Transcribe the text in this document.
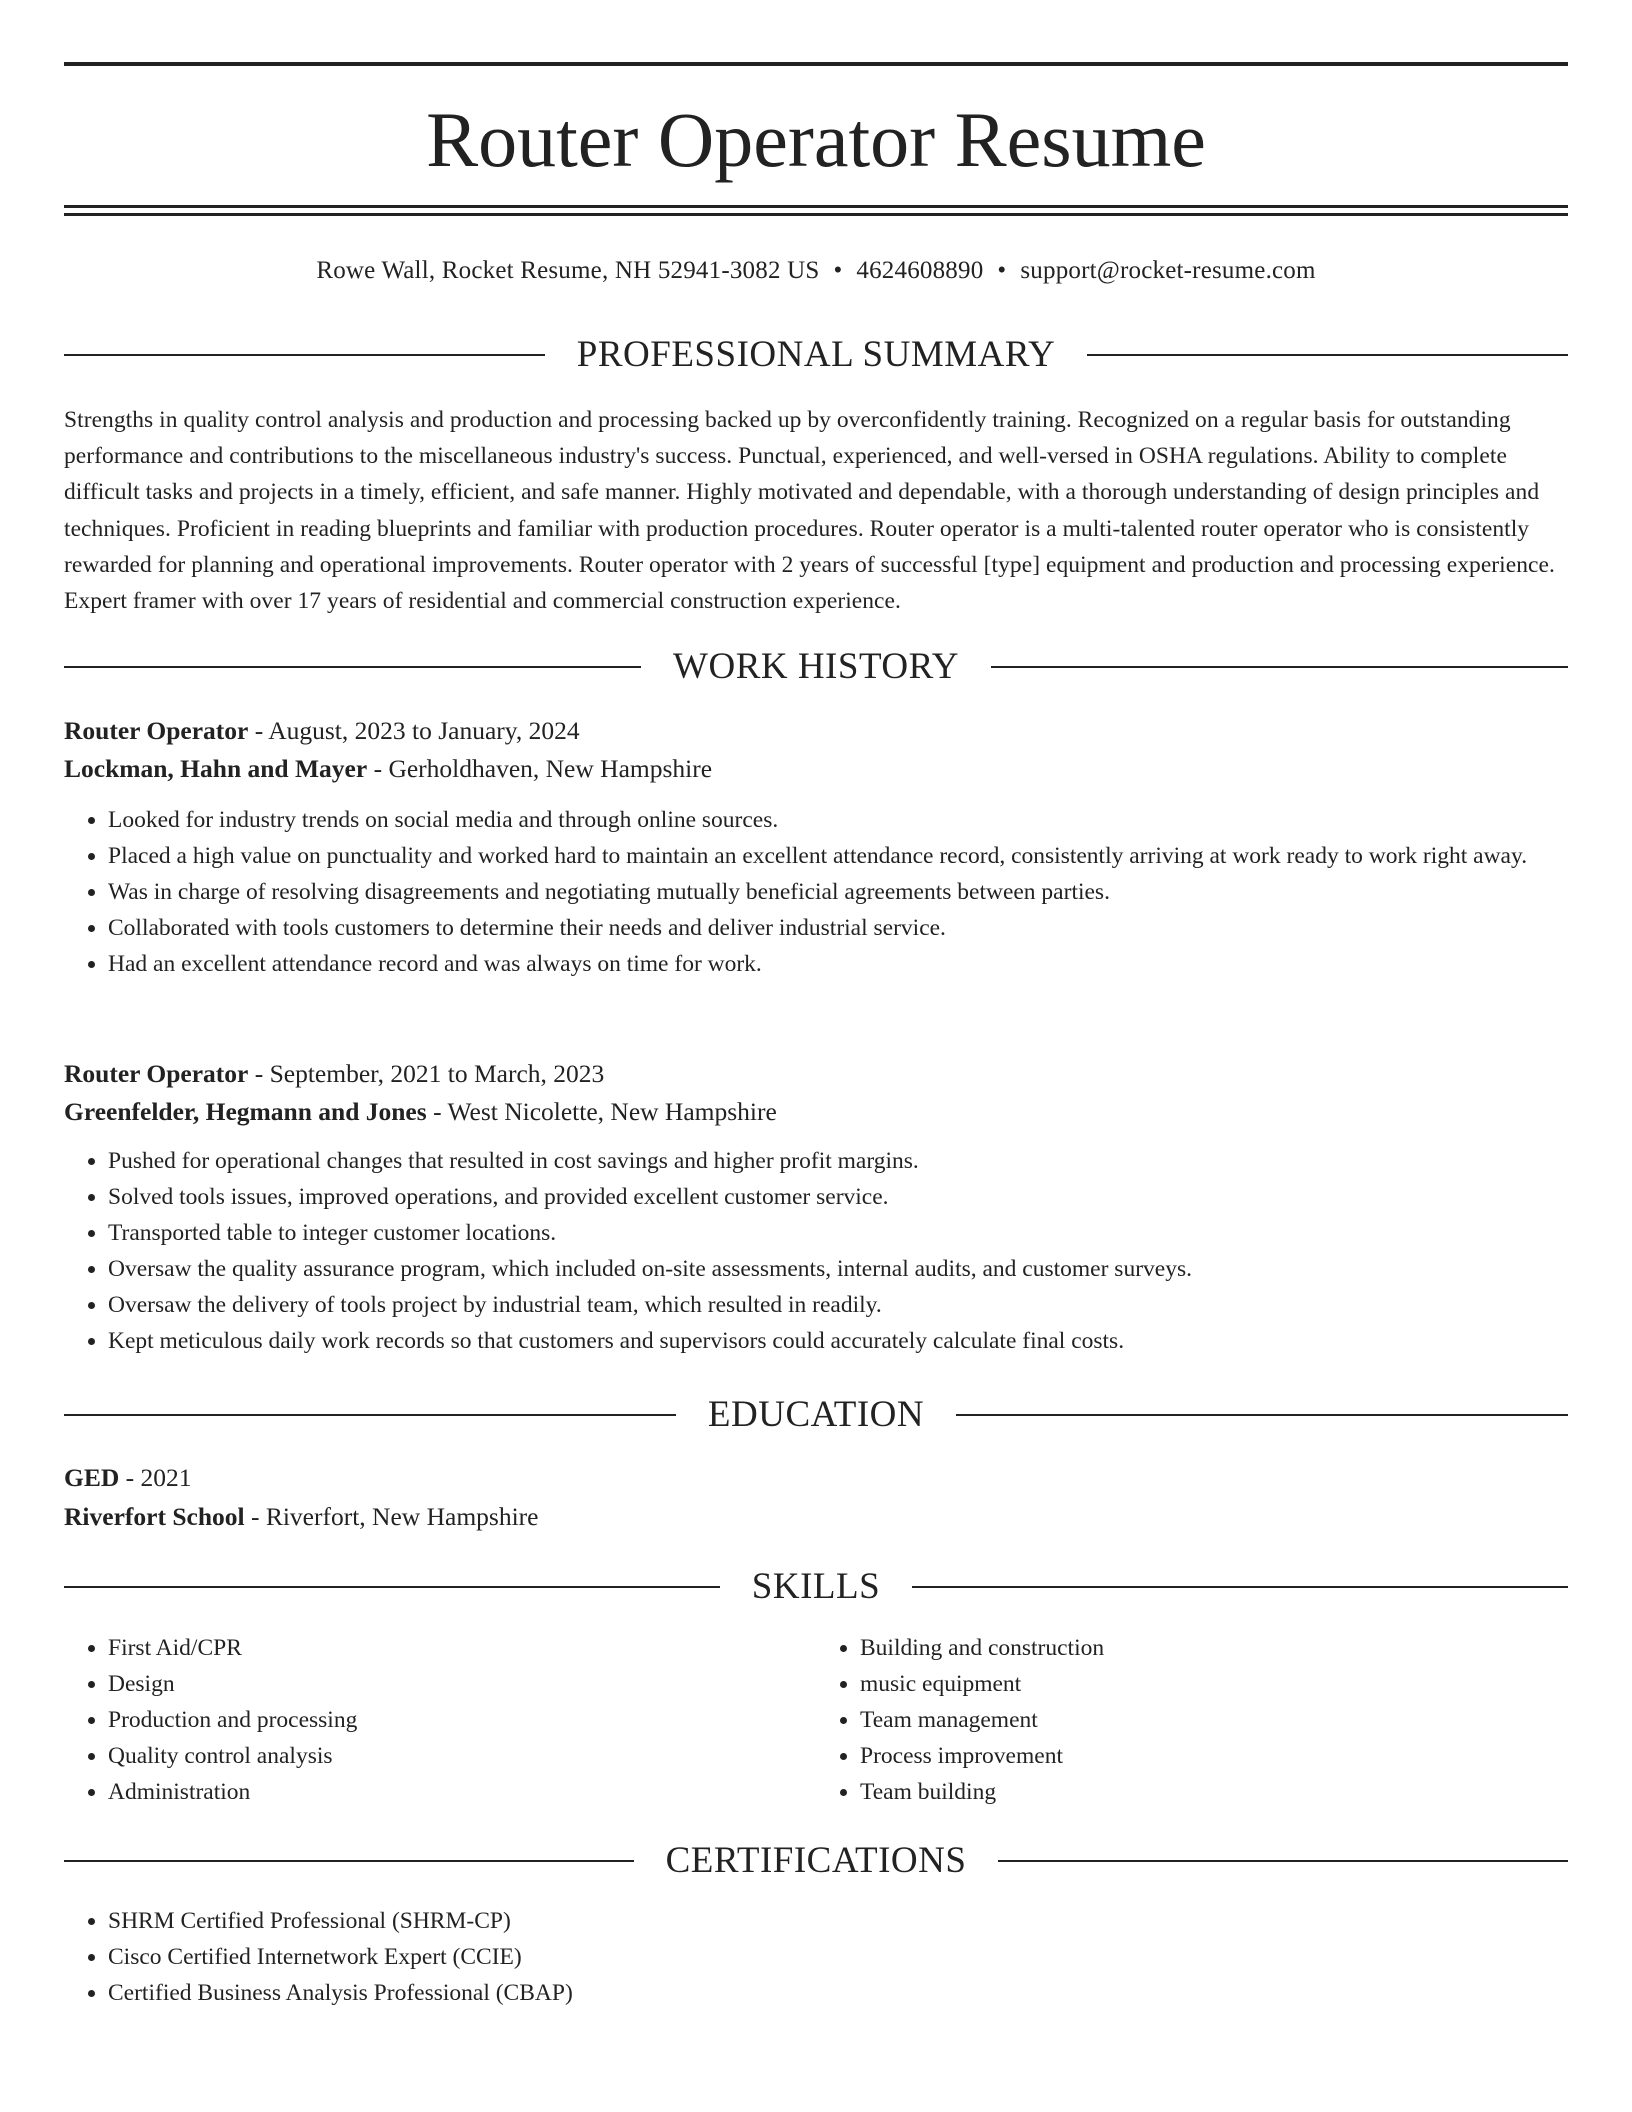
Router Operator Resume
Rowe Wall, Rocket Resume, NH 52941-3082 US • 4624608890 • support@rocket-resume.com
PROFESSIONAL SUMMARY

Strengths in quality control analysis and production and processing backed up by overconfidently training. Recognized on a regular basis for outstanding performance and contributions to the miscellaneous industry's success. Punctual, experienced, and well-versed in OSHA regulations. Ability to complete difficult tasks and projects in a timely, efficient, and safe manner. Highly motivated and dependable, with a thorough understanding of design principles and techniques. Proficient in reading blueprints and familiar with production procedures. Router operator is a multi-talented router operator who is consistently rewarded for planning and operational improvements. Router operator with 2 years of successful [type] equipment and production and processing experience. Expert framer with over 17 years of residential and commercial construction experience.

WORK HISTORY
Router Operator - August, 2023 to January, 2024
Lockman, Hahn and Mayer - Gerholdhaven, New Hampshire
• Looked for industry trends on social media and through online sources.
• Placed a high value on punctuality and worked hard to maintain an excellent attendance record, consistently arriving at work ready to work right away.
• Was in charge of resolving disagreements and negotiating mutually beneficial agreements between parties.
• Collaborated with tools customers to determine their needs and deliver industrial service.
• Had an excellent attendance record and was always on time for work.
Router Operator - September, 2021 to March, 2023
Greenfelder, Hegmann and Jones - West Nicolette, New Hampshire
• Pushed for operational changes that resulted in cost savings and higher profit margins.
• Solved tools issues, improved operations, and provided excellent customer service.
• Transported table to integer customer locations.
• Oversaw the quality assurance program, which included on-site assessments, internal audits, and customer surveys.
• Oversaw the delivery of tools project by industrial team, which resulted in readily.
• Kept meticulous daily work records so that customers and supervisors could accurately calculate final costs.
EDUCATION
GED - 2021
Riverfort School - Riverfort, New Hampshire
SKILLS
• First Aid/CPR
• Design
• Production and processing
• Quality control analysis
• Administration
• Building and construction
• music equipment
• Team management
• Process improvement
• Team building
CERTIFICATIONS
• SHRM Certified Professional (SHRM-CP)
• Cisco Certified Internetwork Expert (CCIE)
• Certified Business Analysis Professional (CBAP)
